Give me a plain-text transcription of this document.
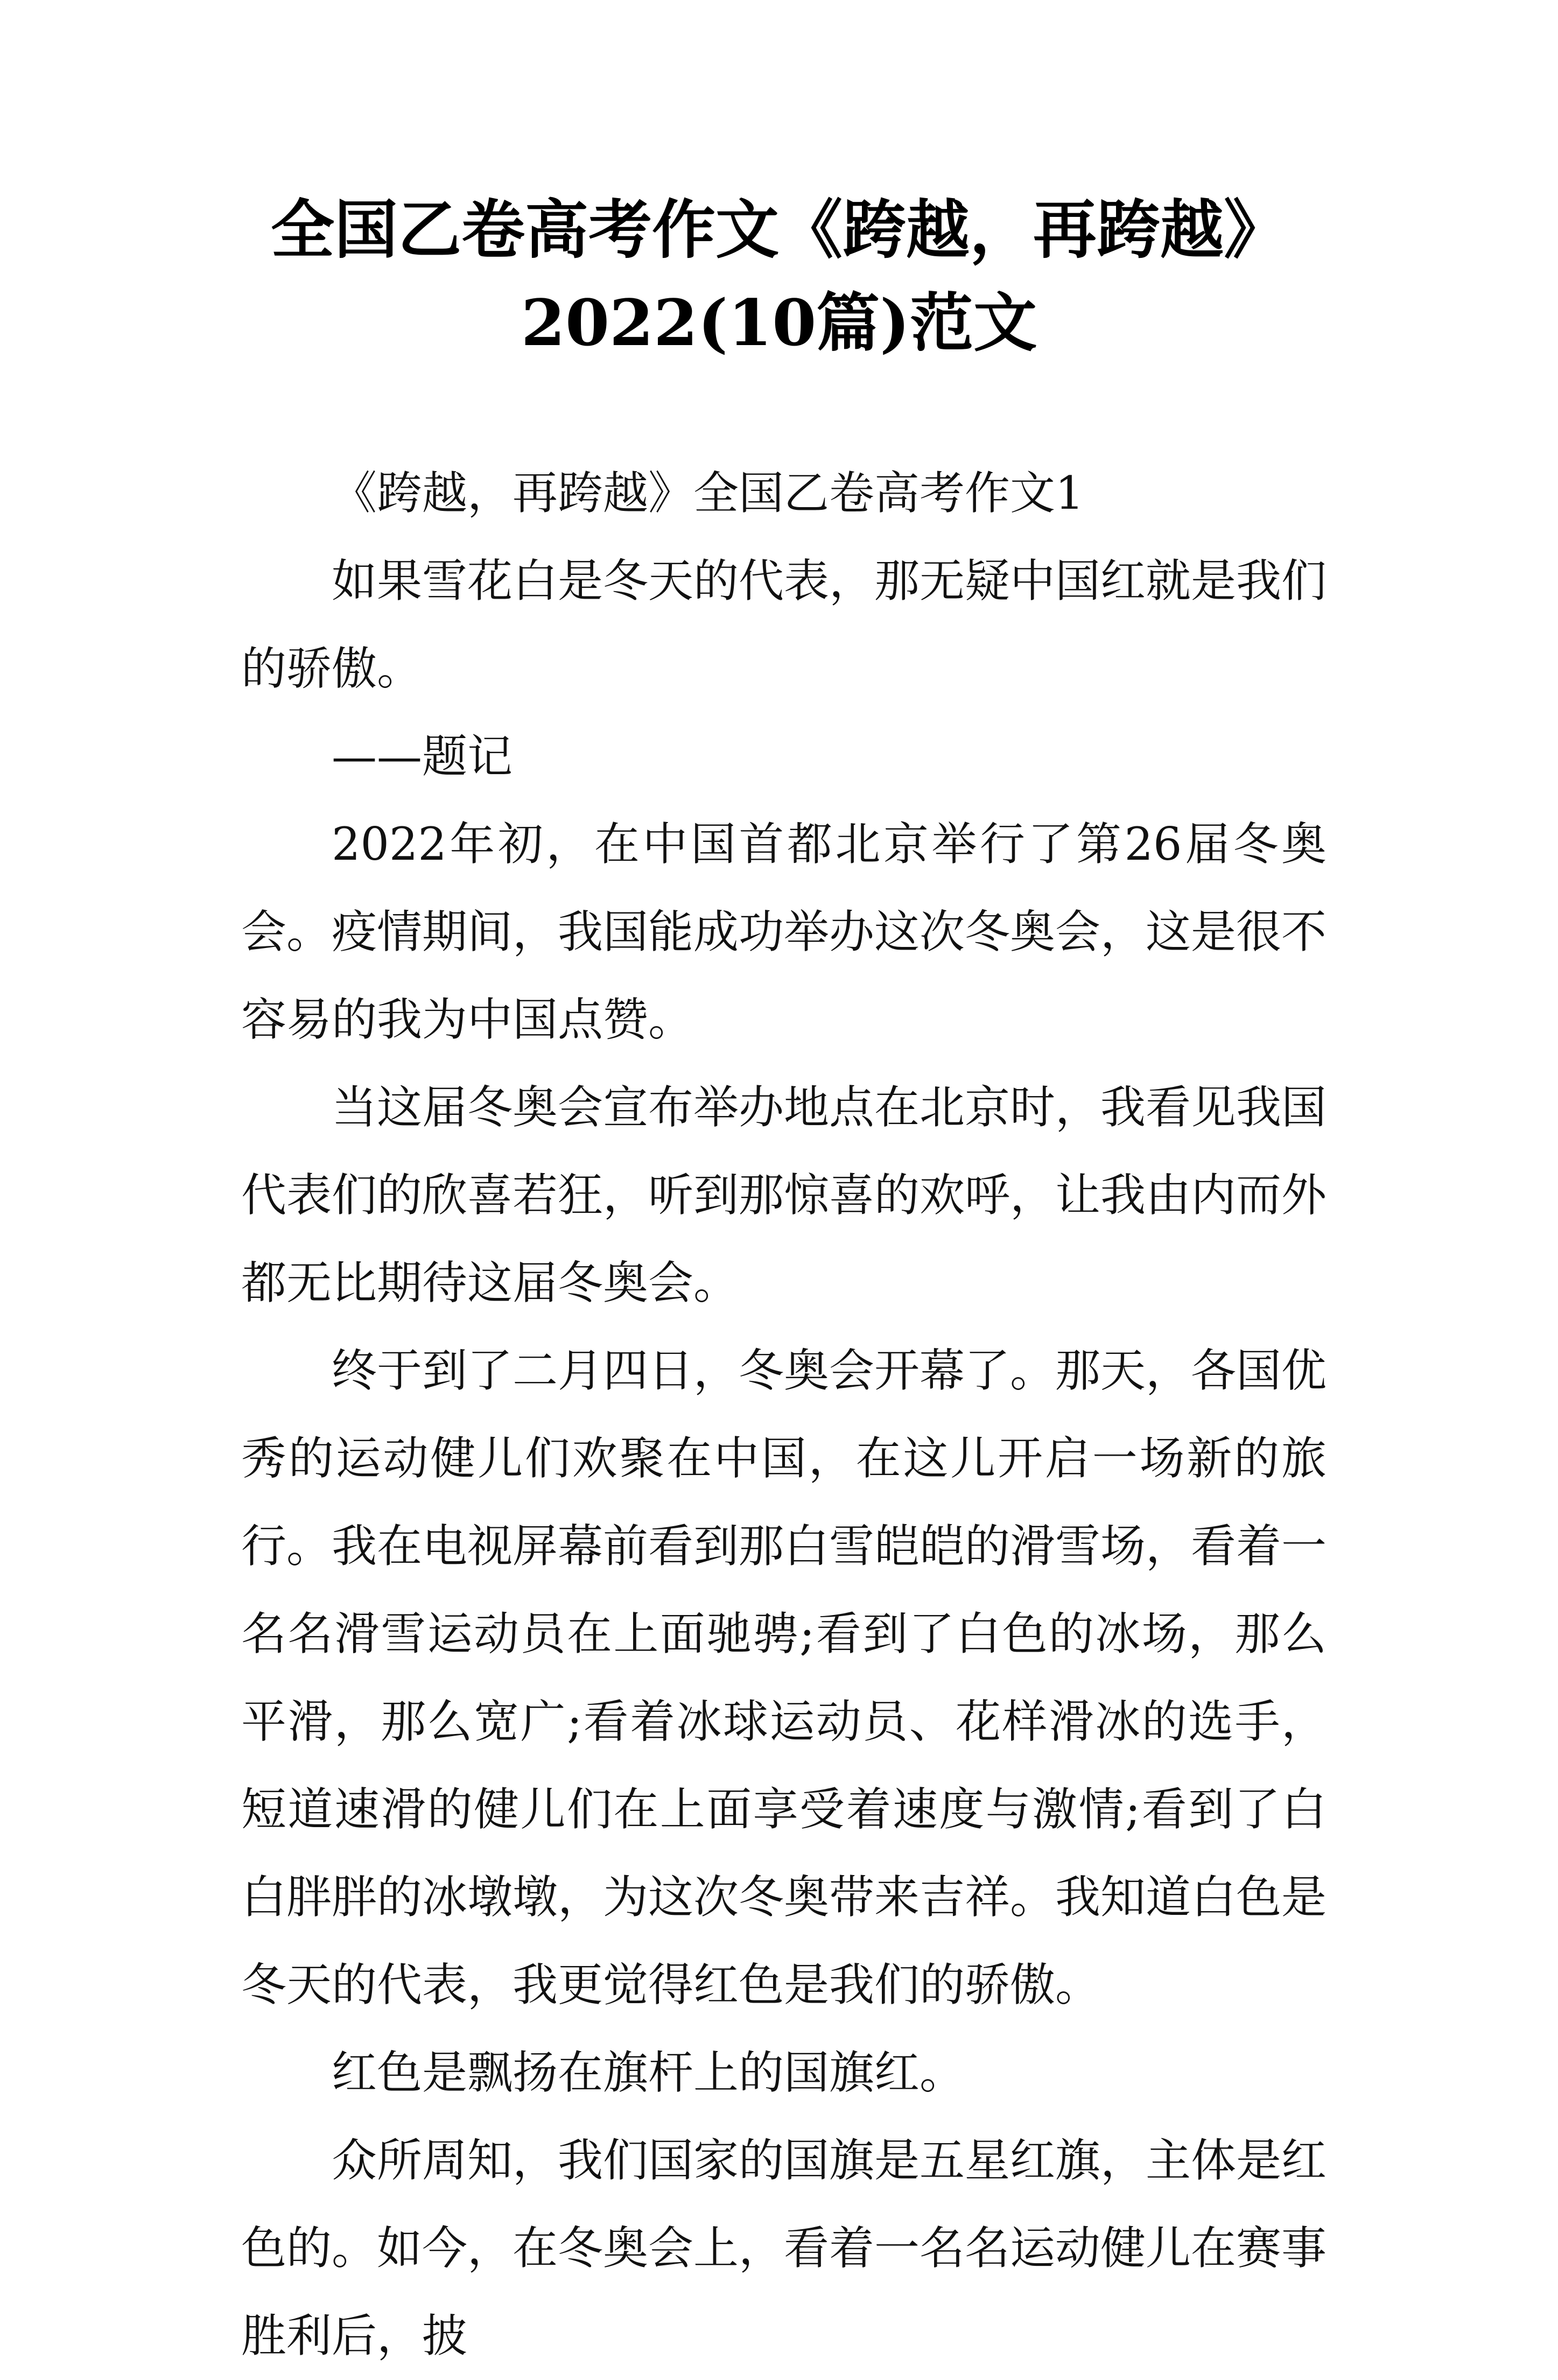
全国乙卷高考作文《跨越，再跨越》2022(10篇)范文

《跨越，再跨越》全国乙卷高考作文1

如果雪花白是冬天的代表，那无疑中国红就是我们的骄傲。

——题记

2022年初，在中国首都北京举行了第26届冬奥会。疫情期间，我国能成功举办这次冬奥会，这是很不容易的我为中国点赞。

当这届冬奥会宣布举办地点在北京时，我看见我国代表们的欣喜若狂，听到那惊喜的欢呼，让我由内而外都无比期待这届冬奥会。

终于到了二月四日，冬奥会开幕了。那天，各国优秀的运动健儿们欢聚在中国，在这儿开启一场新的旅行。我在电视屏幕前看到那白雪皑皑的滑雪场，看着一名名滑雪运动员在上面驰骋;看到了白色的冰场，那么平滑，那么宽广;看着冰球运动员、花样滑冰的选手，短道速滑的健儿们在上面享受着速度与激情;看到了白白胖胖的冰墩墩，为这次冬奥带来吉祥。我知道白色是冬天的代表，我更觉得红色是我们的骄傲。

红色是飘扬在旗杆上的国旗红。

众所周知，我们国家的国旗是五星红旗，主体是红色的。如今，在冬奥会上，看着一名名运动健儿在赛事胜利后，披
